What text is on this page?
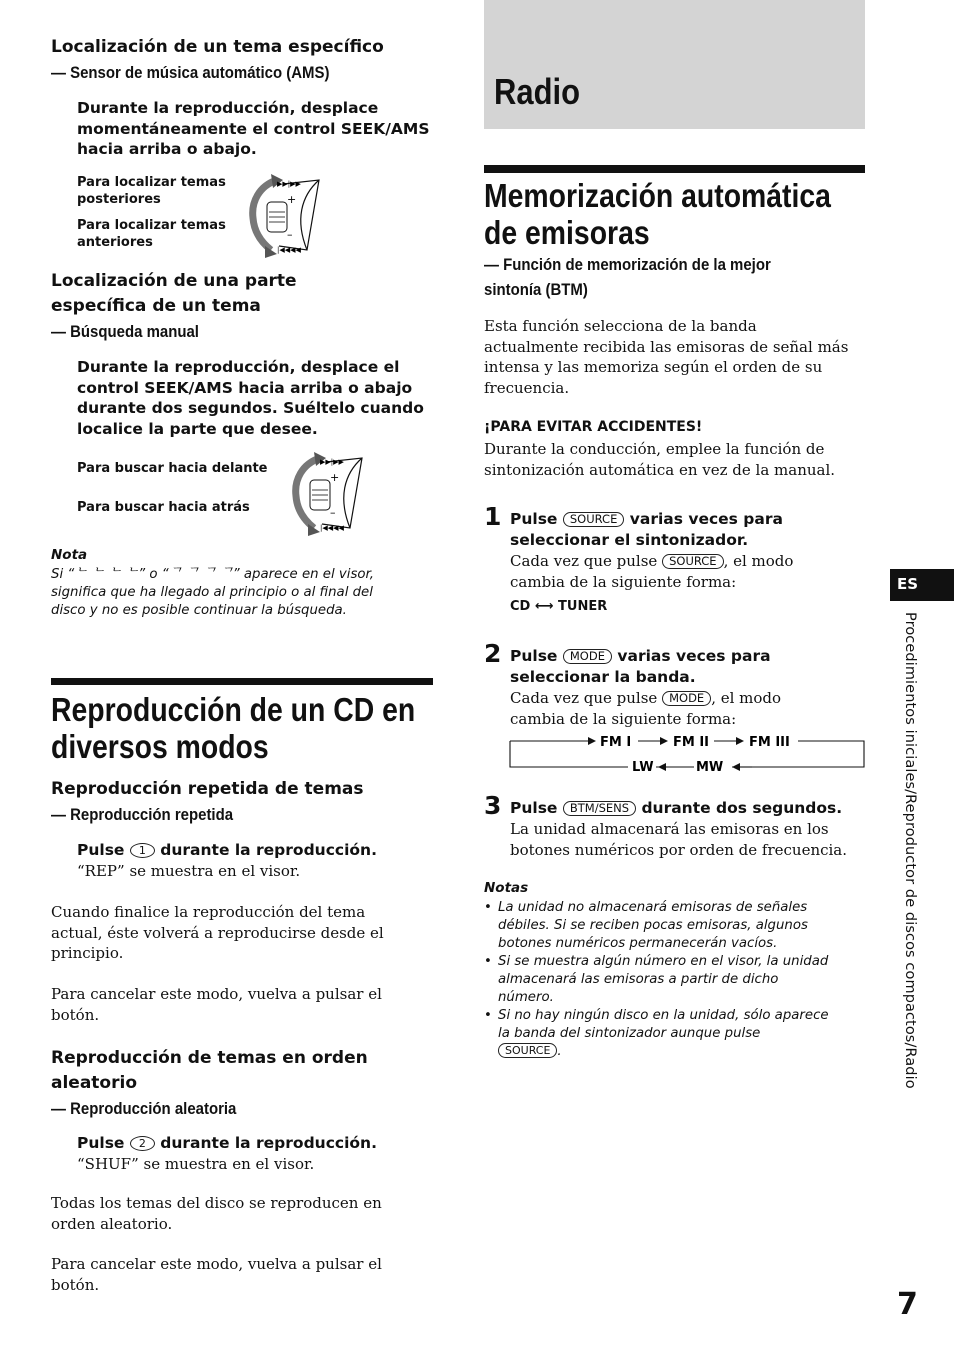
Localización de un tema específico
— Sensor de música automático (AMS)
Durante la reproducción, desplace
momentáneamente el control SEEK/AMS
hacia arriba o abajo.
Para localizar temas
posteriores
Para localizar temas
anteriores
+
–
▶▶|▶▶
|◀◀◀◀
Localización de una parte
específica de un tema
— Búsqueda manual
Durante la reproducción, desplace el
control SEEK/AMS hacia arriba o abajo
durante dos segundos. Suéltelo cuando
localice la parte que desee.
Para buscar hacia delante
Para buscar hacia atrás
+
–
▶▶|▶▶
|◀◀◀◀
Nota
Si “ᄂ ᄂ ᄂ ᄂ” o “ᄀ ᄀ ᄀ ᄀ” aparece en el visor,
significa que ha llegado al principio o al final del
disco y no es posible continuar la búsqueda.
Reproducción de un CD en
diversos modos
Reproducción repetida de temas
— Reproducción repetida
Pulse 1 durante la reproducción.
“REP” se muestra en el visor.
Cuando finalice la reproducción del tema
actual, éste volverá a reproducirse desde el
principio.
Para cancelar este modo, vuelva a pulsar el
botón.
Reproducción de temas en orden
aleatorio
— Reproducción aleatoria
Pulse 2 durante la reproducción.
“SHUF” se muestra en el visor.
Todas los temas del disco se reproducen en
orden aleatorio.
Para cancelar este modo, vuelva a pulsar el
botón.
Radio
Memorización automática
de emisoras
— Función de memorización de la mejor
sintonía (BTM)
Esta función selecciona de la banda
actualmente recibida las emisoras de señal más
intensa y las memoriza según el orden de su
frecuencia.
¡PARA EVITAR ACCIDENTES!
Durante la conducción, emplee la función de
sintonización automática en vez de la manual.
1 Pulse SOURCE varias veces para
seleccionar el sintonizador.
Cada vez que pulse SOURCE , el modo
cambia de la siguiente forma:
CD ⟷ TUNER
2 Pulse MODE varias veces para
seleccionar la banda.
Cada vez que pulse MODE , el modo
cambia de la siguiente forma:
FM I	FM II	FM III
MW
LW
3 Pulse BTM/SENS durante dos segundos.
La unidad almacenará las emisoras en los
botones numéricos por orden de frecuencia.
Notas
• La unidad no almacenará emisoras de señales
débiles. Si se reciben pocas emisoras, algunos
botones numéricos permanecerán vacíos.
• Si se muestra algún número en el visor, la unidad
almacenará las emisoras a partir de dicho
número.
• Si no hay ningún disco en la unidad, sólo aparece
la banda del sintonizador aunque pulse
SOURCE .
ES
Procedimientos iniciales/Reproductor de discos compactos/Radio
7
